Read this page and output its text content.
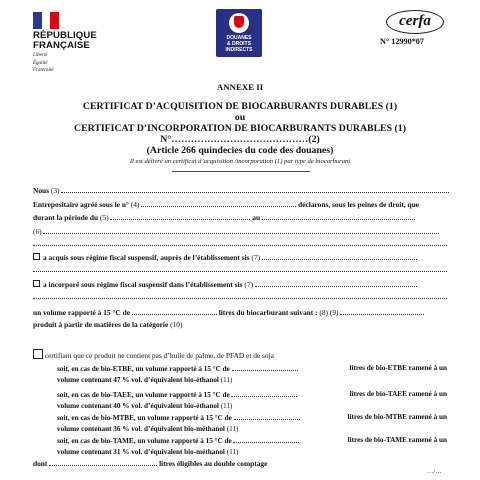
RÉPUBLIQUE
FRANÇAISE
Liberté
Égalité
Fraternité
DOUANES
& DROITS
INDIRECTS
cerfa
N° 12990*07
ANNEXE II
CERTIFICAT D’ACQUISITION DE BIOCARBURANTS DURABLES (1)
ou
CERTIFICAT D’INCORPORATION DE BIOCARBURANTS DURABLES (1)
N°……………………………………(2)
(Article 266 quindecies du code des douanes)
Il est délivré un certificat d’acquisition /incorporation (1) par type de biocarburant
Nous (3)
Entrepositaire agréé sous le n° (4)	déclarons, sous les peines de droit, que
durant la période du (5)	au
(6)
a acquis sous régime fiscal suspensif, auprès de l’établissement sis (7)
a incorporé sous régime fiscal suspensif dans l’établissement sis (7)
un volume rapporté à 15 °C de	litres du biocarburant suivant : (8) (9)
produit à partir de matières de la catégorie (10)
certifiant que ce produit ne contient pas d’huile de palme, de PFAD et de soja
soit, en cas de bio-ETBE, un volume rapporté à 15 °C de	litres de bio-ETBE ramené à un
volume contenant 47 % vol. d’équivalent bio-éthanol (11)
soit, en cas de bio-TAEE, un volume rapporté à 15 °C de	litres de bio-TAEE ramené à un
volume contenant 40 % vol. d’équivalent bio-éthanol (11)
soit, en cas de bio-MTBE, un volume rapporté à 15 °C de	litres de bio-MTBE ramené à un
volume contenant 36 % vol. d’équivalent bio-méthanol (11)
soit, en cas de bio-TAME, un volume rapporté à 15 °C de	litres de bio-TAME ramené à un
volume contenant 31 % vol. d’équivalent bio-méthanol (11)
dont	litres éligibles au double comptage
…/…
